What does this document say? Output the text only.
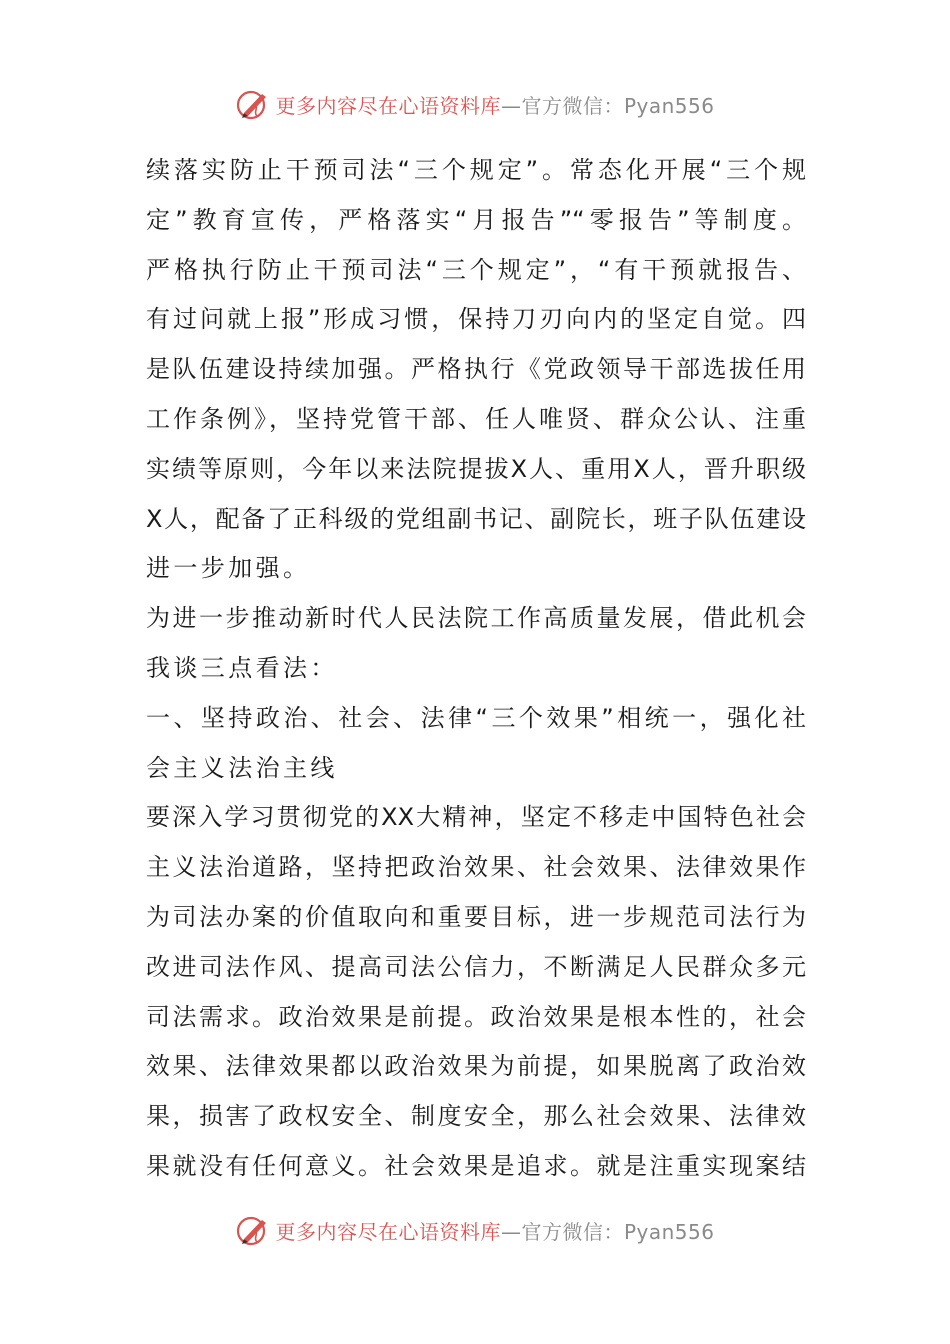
更多内容尽在心语资料库—官方微信：Pyan556
续落实防止干预司法“三个规定”。常态化开展“三个规
定”教育宣传，严格落实“月报告”“零报告”等制度。
严格执行防止干预司法“三个规定”，“有干预就报告、
有过问就上报”形成习惯，保持刀刃向内的坚定自觉。四
是队伍建设持续加强。严格执行《党政领导干部选拔任用
工作条例》，坚持党管干部、任人唯贤、群众公认、注重
实绩等原则，今年以来法院提拔X人、重用X人，晋升职级
X人，配备了正科级的党组副书记、副院长，班子队伍建设
进一步加强。
为进一步推动新时代人民法院工作高质量发展，借此机会
我谈三点看法：
一、坚持政治、社会、法律“三个效果”相统一，强化社
会主义法治主线
要深入学习贯彻党的XX大精神，坚定不移走中国特色社会
主义法治道路，坚持把政治效果、社会效果、法律效果作
为司法办案的价值取向和重要目标，进一步规范司法行为
改进司法作风、提高司法公信力，不断满足人民群众多元
司法需求。政治效果是前提。政治效果是根本性的，社会
效果、法律效果都以政治效果为前提，如果脱离了政治效
果，损害了政权安全、制度安全，那么社会效果、法律效
果就没有任何意义。社会效果是追求。就是注重实现案结
更多内容尽在心语资料库—官方微信：Pyan556
